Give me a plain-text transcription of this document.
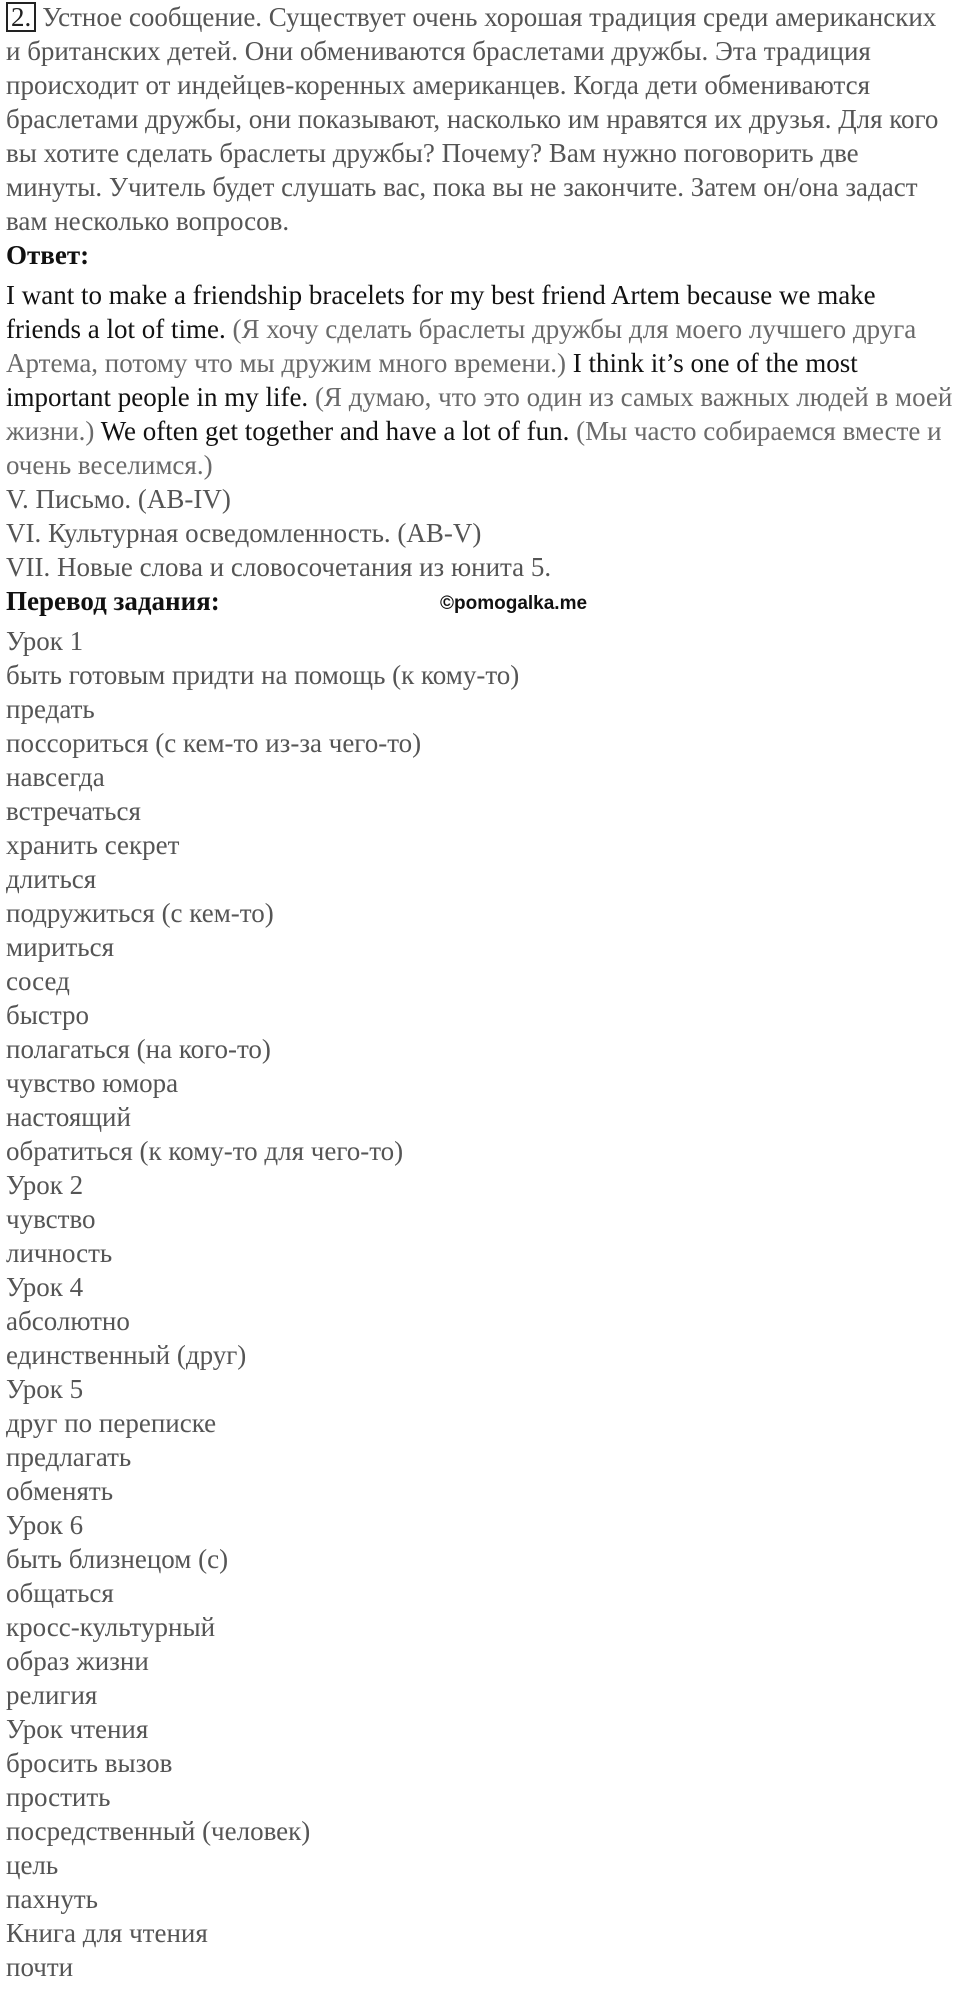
2. Устное сообщение. Существует очень хорошая традиция среди американских и британских детей. Они обмениваются браслетами дружбы. Эта традиция происходит от индейцев-коренных американцев. Когда дети обмениваются браслетами дружбы, они показывают, насколько им нравятся их друзья. Для кого вы хотите сделать браслеты дружбы? Почему? Вам нужно поговорить две минуты. Учитель будет слушать вас, пока вы не закончите. Затем он/она задаст вам несколько вопросов.

Ответ:

I want to make a friendship bracelets for my best friend Artem because we make friends a lot of time. (Я хочу сделать браслеты дружбы для моего лучшего друга Артема, потому что мы дружим много времени.) I think it’s one of the most important people in my life. (Я думаю, что это один из самых важных людей в моей жизни.) We often get together and have a lot of fun. (Мы часто собираемся вместе и очень веселимся.)

V. Письмо. (AB-IV)

VI. Культурная осведомленность. (AB-V)

VII. Новые слова и словосочетания из юнита 5.

Перевод задания:	©pomogalka.me
Урок 1
быть готовым придти на помощь (к кому-то)
предать
поссориться (с кем-то из-за чего-то)
навсегда
встречаться
хранить секрет
длиться
подружиться (с кем-то)
мириться
сосед
быстро
полагаться (на кого-то)
чувство юмора
настоящий
обратиться (к кому-то для чего-то)
Урок 2
чувство
личность
Урок 4
абсолютно
единственный (друг)
Урок 5
друг по переписке
предлагать
обменять
Урок 6
быть близнецом (с)
общаться
кросс-культурный
образ жизни
религия
Урок чтения
бросить вызов
простить
посредственный (человек)
цель
пахнуть
Книга для чтения
почти
